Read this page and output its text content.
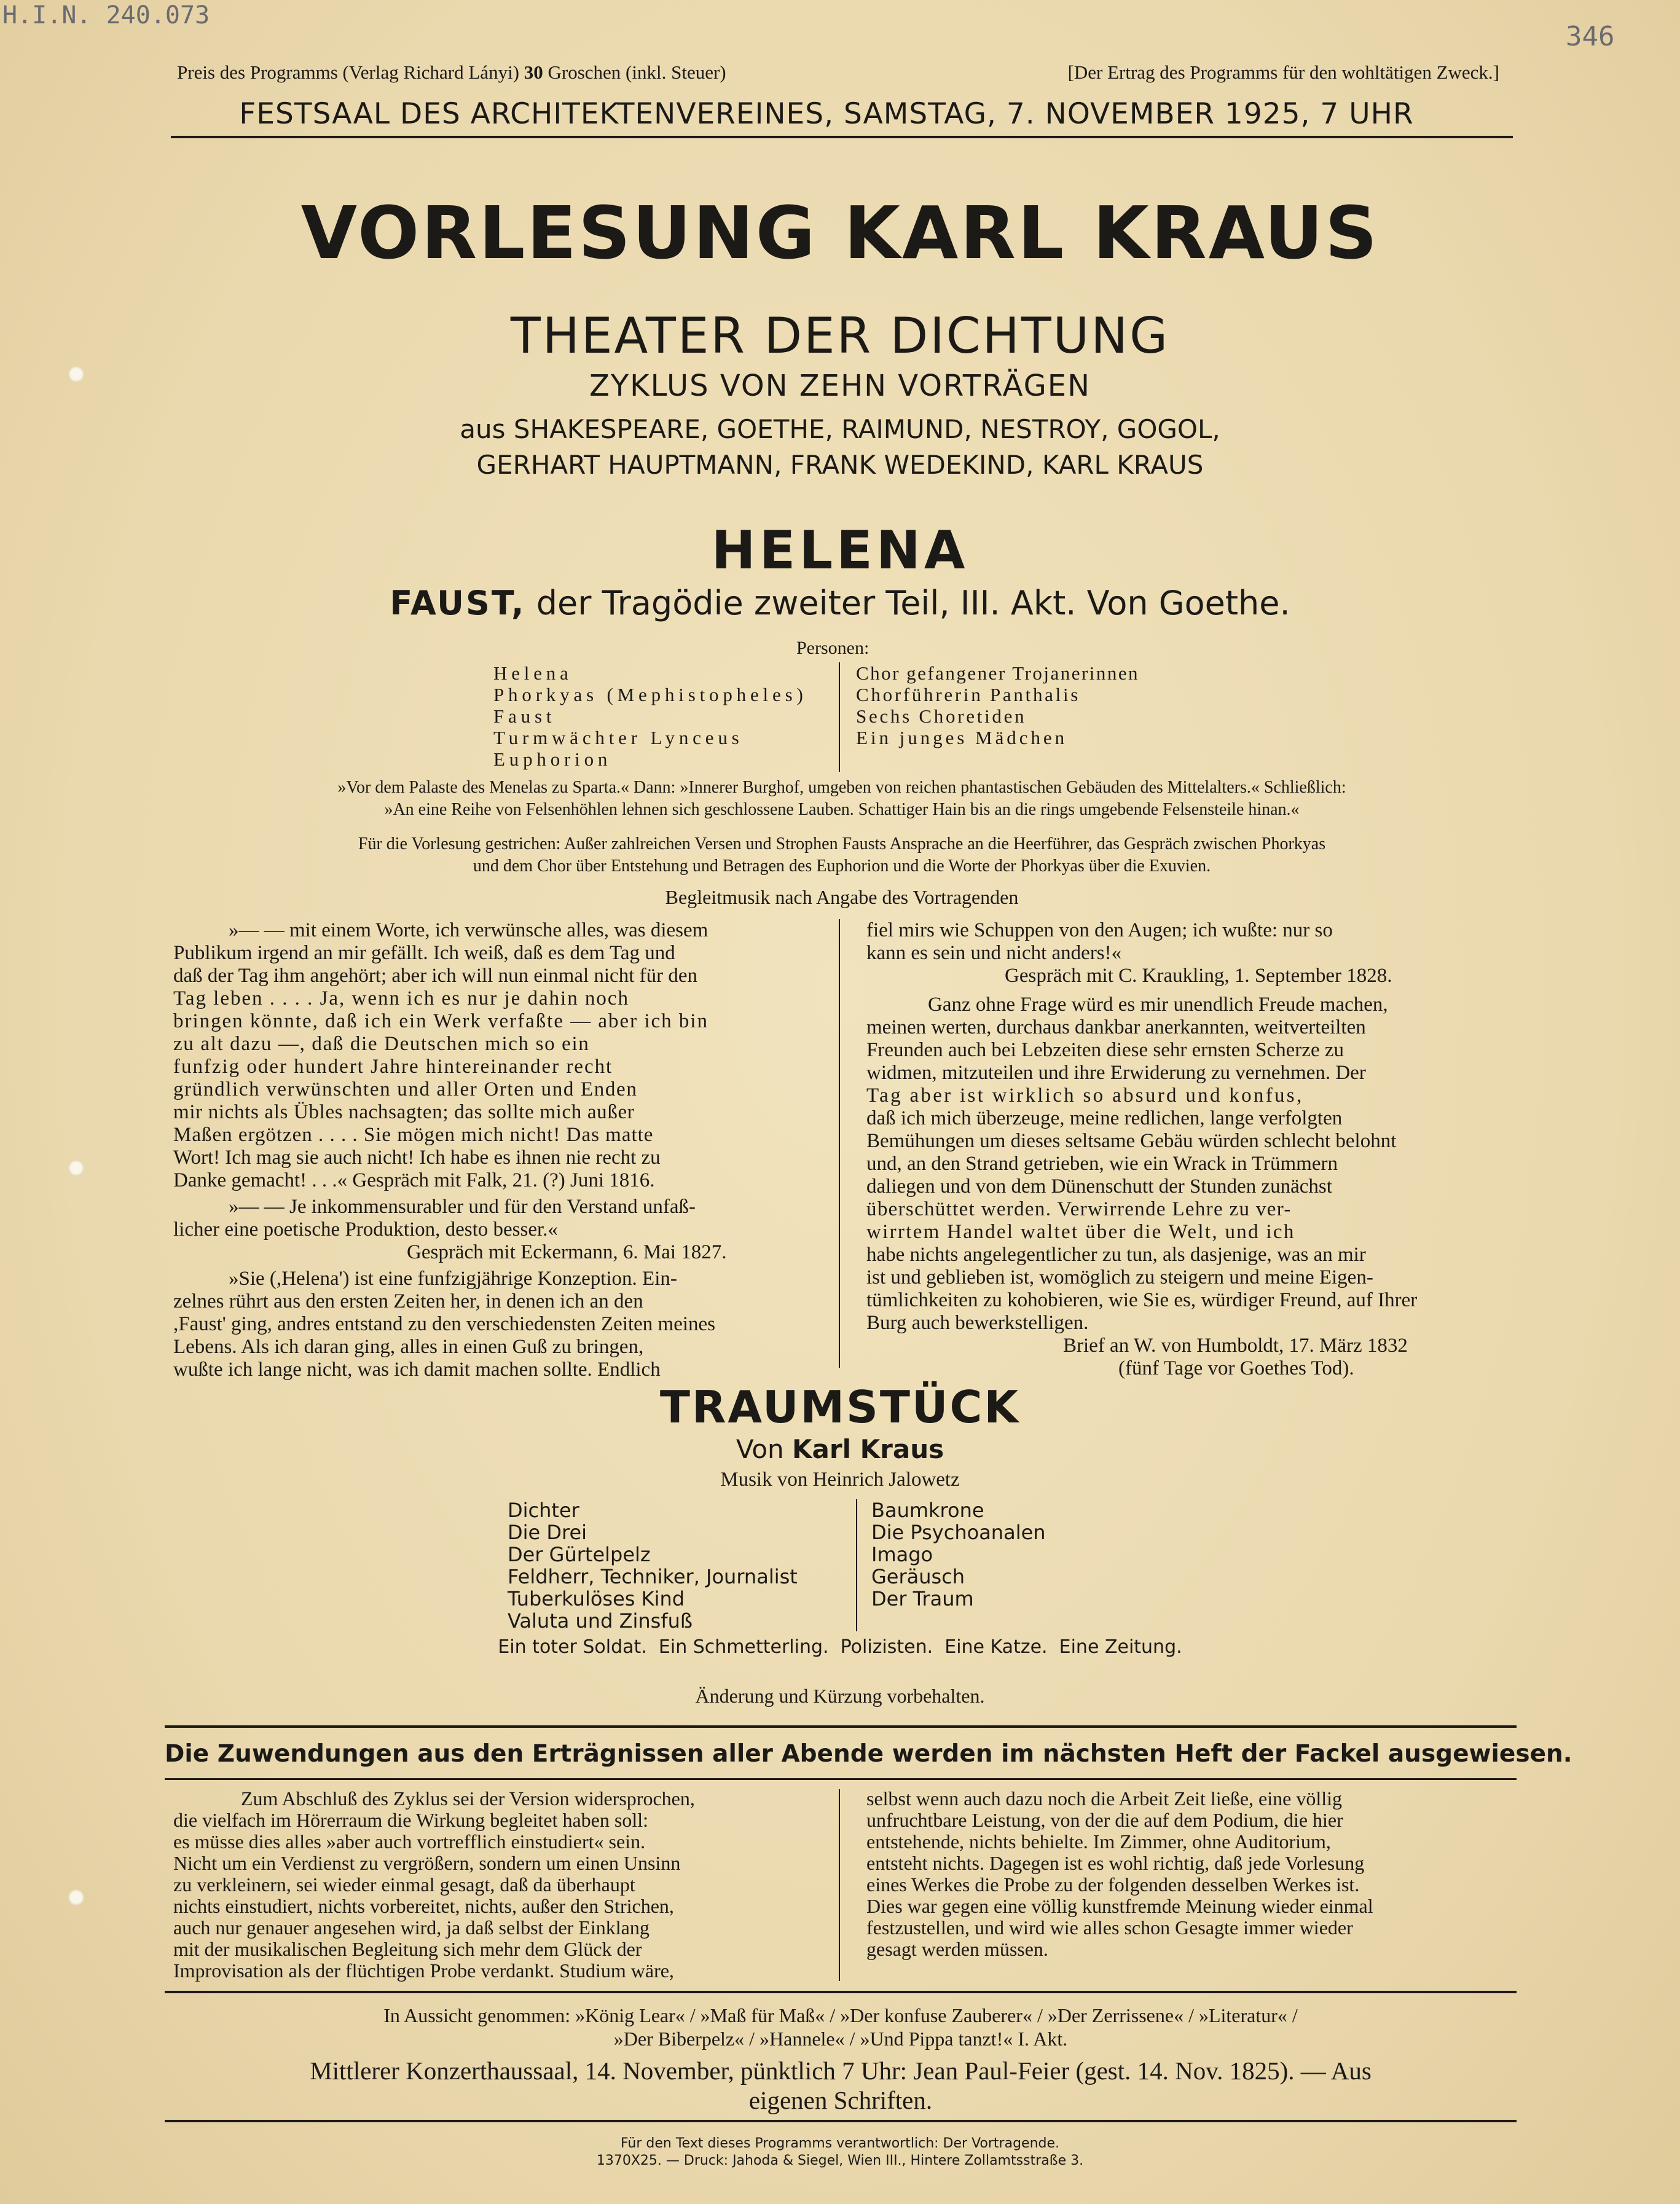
H.I.N. 240.073
346
Preis des Programms (Verlag Richard Lányi) 30 Groschen (inkl. Steuer)	[Der Ertrag des Programms für den wohltätigen Zweck.]
FESTSAAL DES ARCHITEKTENVEREINES, SAMSTAG, 7. NOVEMBER 1925, 7 UHR
VORLESUNG KARL KRAUS
THEATER DER DICHTUNG
ZYKLUS VON ZEHN VORTRÄGEN
aus SHAKESPEARE, GOETHE, RAIMUND, NESTROY, GOGOL,
GERHART HAUPTMANN, FRANK WEDEKIND, KARL KRAUS
HELENA
FAUST, der Tragödie zweiter Teil, III. Akt. Von Goethe.
Personen:
Helena
Phorkyas (Mephistopheles)
Faust
Turmwächter Lynceus
Euphorion
Chor gefangener Trojanerinnen
Chorführerin Panthalis
Sechs Choretiden
Ein junges Mädchen
»Vor dem Palaste des Menelas zu Sparta.« Dann: »Innerer Burghof, umgeben von reichen phantastischen Gebäuden des Mittelalters.« Schließlich:
»An eine Reihe von Felsenhöhlen lehnen sich geschlossene Lauben. Schattiger Hain bis an die rings umgebende Felsensteile hinan.«
Für die Vorlesung gestrichen: Außer zahlreichen Versen und Strophen Fausts Ansprache an die Heerführer, das Gespräch zwischen Phorkyas
und dem Chor über Entstehung und Betragen des Euphorion und die Worte der Phorkyas über die Exuvien.
Begleitmusik nach Angabe des Vortragenden
»— — mit einem Worte, ich verwünsche alles, was diesem
Publikum irgend an mir gefällt. Ich weiß, daß es dem Tag und
daß der Tag ihm angehört; aber ich will nun einmal nicht für den
Tag leben . . . . Ja, wenn ich es nur je dahin noch
bringen könnte, daß ich ein Werk verfaßte — aber ich bin
zu alt dazu —, daß die Deutschen mich so ein
funfzig oder hundert Jahre hintereinander recht
gründlich verwünschten und aller Orten und Enden
mir nichts als Übles nachsagten; das sollte mich außer
Maßen ergötzen . . . . Sie mögen mich nicht! Das matte
Wort! Ich mag sie auch nicht! Ich habe es ihnen nie recht zu
Danke gemacht! . . .« Gespräch mit Falk, 21. (?) Juni 1816.
»— — Je inkommensurabler und für den Verstand unfaß-
licher eine poetische Produktion, desto besser.«
Gespräch mit Eckermann, 6. Mai 1827.
»Sie (,Helena') ist eine funfzigjährige Konzeption. Ein-
zelnes rührt aus den ersten Zeiten her, in denen ich an den
,Faust' ging, andres entstand zu den verschiedensten Zeiten meines
Lebens. Als ich daran ging, alles in einen Guß zu bringen,
wußte ich lange nicht, was ich damit machen sollte. Endlich
fiel mirs wie Schuppen von den Augen; ich wußte: nur so
kann es sein und nicht anders!«
Gespräch mit C. Kraukling, 1. September 1828.
Ganz ohne Frage würd es mir unendlich Freude machen,
meinen werten, durchaus dankbar anerkannten, weitverteilten
Freunden auch bei Lebzeiten diese sehr ernsten Scherze zu
widmen, mitzuteilen und ihre Erwiderung zu vernehmen. Der
Tag aber ist wirklich so absurd und konfus,
daß ich mich überzeuge, meine redlichen, lange verfolgten
Bemühungen um dieses seltsame Gebäu würden schlecht belohnt
und, an den Strand getrieben, wie ein Wrack in Trümmern
daliegen und von dem Dünenschutt der Stunden zunächst
überschüttet werden. Verwirrende Lehre zu ver-
wirrtem Handel waltet über die Welt, und ich
habe nichts angelegentlicher zu tun, als dasjenige, was an mir
ist und geblieben ist, womöglich zu steigern und meine Eigen-
tümlichkeiten zu kohobieren, wie Sie es, würdiger Freund, auf Ihrer
Burg auch bewerkstelligen.
Brief an W. von Humboldt, 17. März 1832
(fünf Tage vor Goethes Tod).
TRAUMSTÜCK
Von Karl Kraus
Musik von Heinrich Jalowetz
Dichter
Die Drei
Der Gürtelpelz
Feldherr, Techniker, Journalist
Tuberkulöses Kind
Valuta und Zinsfuß
Baumkrone
Die Psychoanalen
Imago
Geräusch
Der Traum
Ein toter Soldat.  Ein Schmetterling.  Polizisten.  Eine Katze.  Eine Zeitung.
Änderung und Kürzung vorbehalten.
Die Zuwendungen aus den Erträgnissen aller Abende werden im nächsten Heft der Fackel ausgewiesen.
Zum Abschluß des Zyklus sei der Version widersprochen,
die vielfach im Hörerraum die Wirkung begleitet haben soll:
es müsse dies alles »aber auch vortrefflich einstudiert« sein.
Nicht um ein Verdienst zu vergrößern, sondern um einen Unsinn
zu verkleinern, sei wieder einmal gesagt, daß da überhaupt
nichts einstudiert, nichts vorbereitet, nichts, außer den Strichen,
auch nur genauer angesehen wird, ja daß selbst der Einklang
mit der musikalischen Begleitung sich mehr dem Glück der
Improvisation als der flüchtigen Probe verdankt. Studium wäre,
selbst wenn auch dazu noch die Arbeit Zeit ließe, eine völlig
unfruchtbare Leistung, von der die auf dem Podium, die hier
entstehende, nichts behielte. Im Zimmer, ohne Auditorium,
entsteht nichts. Dagegen ist es wohl richtig, daß jede Vorlesung
eines Werkes die Probe zu der folgenden desselben Werkes ist.
Dies war gegen eine völlig kunstfremde Meinung wieder einmal
festzustellen, und wird wie alles schon Gesagte immer wieder
gesagt werden müssen.
In Aussicht genommen: »König Lear« / »Maß für Maß« / »Der konfuse Zauberer« / »Der Zerrissene« / »Literatur« /
»Der Biberpelz« / »Hannele« / »Und Pippa tanzt!« I. Akt.
Mittlerer Konzerthaussaal, 14. November, pünktlich 7 Uhr: Jean Paul-Feier (gest. 14. Nov. 1825). — Aus
eigenen Schriften.
Für den Text dieses Programms verantwortlich: Der Vortragende.
1370X25. — Druck: Jahoda & Siegel, Wien III., Hintere Zollamtsstraße 3.
